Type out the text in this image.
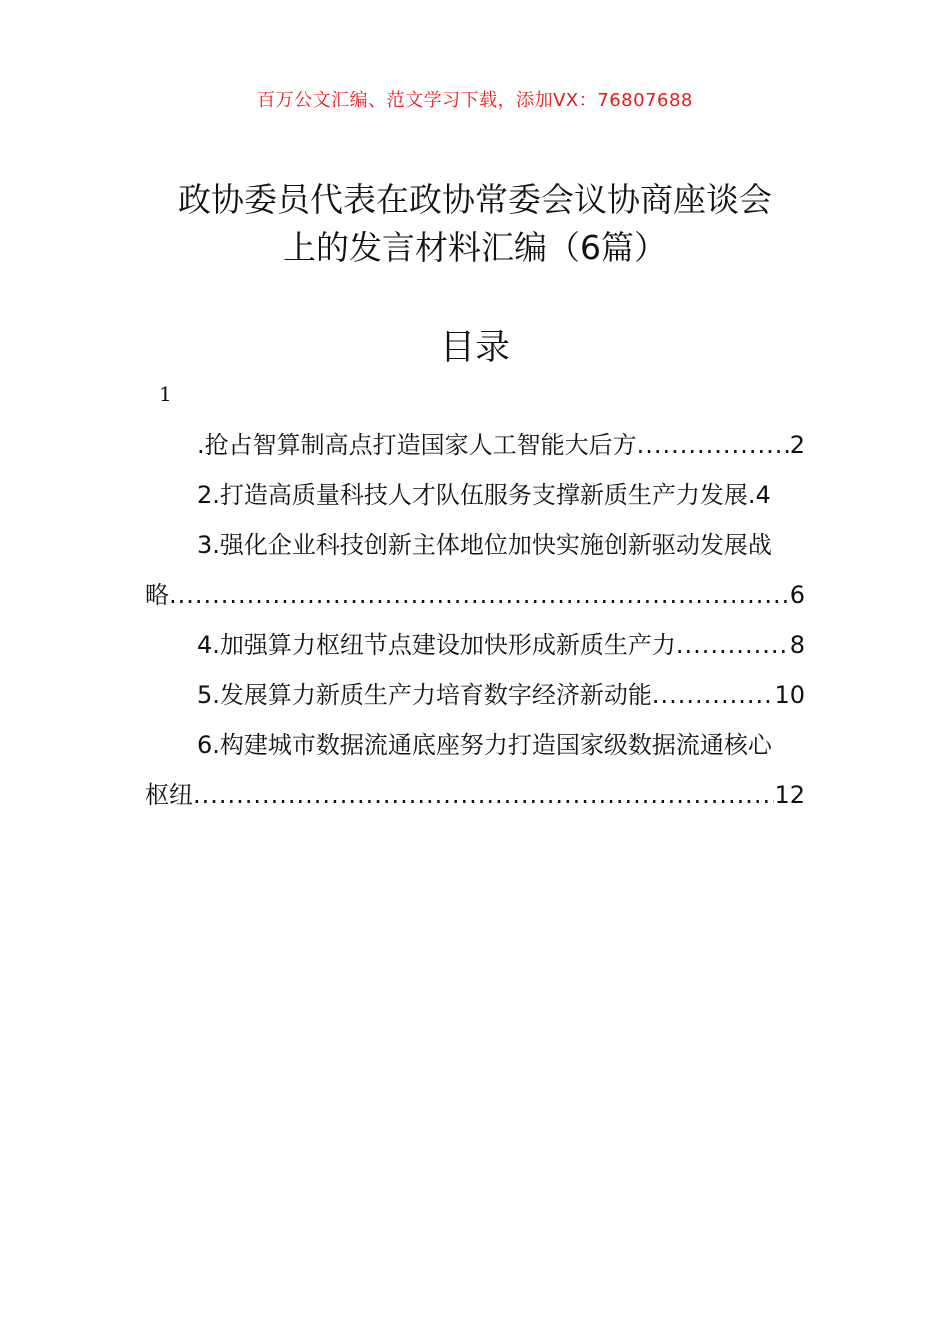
百万公文汇编、范文学习下载，添加VX：76807688
政协委员代表在政协常委会议协商座谈会
上的发言材料汇编（6篇）
目录
1
.抢占智算制高点打造国家人工智能大后方 .....	2
2.打造高质量科技人才队伍服务支撑新质生产力发展. 4
3.强化企业科技创新主体地位加快实施创新驱动发展战
略 .....	6
4.加强算力枢纽节点建设加快形成新质生产力 .....	8
5.发展算力新质生产力培育数字经济新动能 .....	10
6.构建城市数据流通底座努力打造国家级数据流通核心
枢纽 .....	12
